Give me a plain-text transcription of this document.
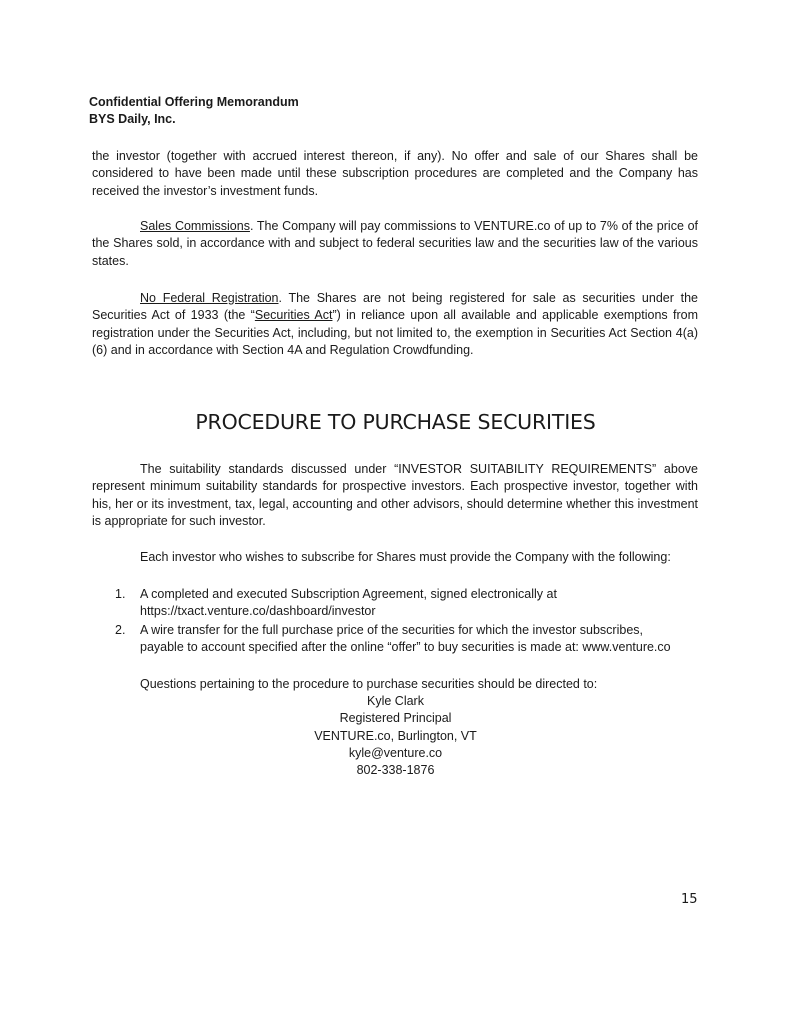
Confidential Offering Memorandum
BYS Daily, Inc.

the investor (together with accrued interest thereon, if any). No offer and sale of our Shares shall be considered to have been made until these subscription procedures are completed and the Company has received the investor’s investment funds.

Sales Commissions. The Company will pay commissions to VENTURE.co of up to 7% of the price of the Shares sold, in accordance with and subject to federal securities law and the securities law of the various states.

No Federal Registration. The Shares are not being registered for sale as securities under the Securities Act of 1933 (the “Securities Act”) in reliance upon all available and applicable exemptions from registration under the Securities Act, including, but not limited to, the exemption in Securities Act Section 4(a)(6) and in accordance with Section 4A and Regulation Crowdfunding.

PROCEDURE TO PURCHASE SECURITIES

The suitability standards discussed under “INVESTOR SUITABILITY REQUIREMENTS” above represent minimum suitability standards for prospective investors. Each prospective investor, together with his, her or its investment, tax, legal, accounting and other advisors, should determine whether this investment is appropriate for such investor.

Each investor who wishes to subscribe for Shares must provide the Company with the following:
1. A completed and executed Subscription Agreement, signed electronically at
https://txact.venture.co/dashboard/investor
2. A wire transfer for the full purchase price of the securities for which the investor subscribes,
payable to account specified after the online “offer” to buy securities is made at: www.venture.co
Questions pertaining to the procedure to purchase securities should be directed to:
Kyle Clark
Registered Principal
VENTURE.co, Burlington, VT
kyle@venture.co
802-338-1876
15
